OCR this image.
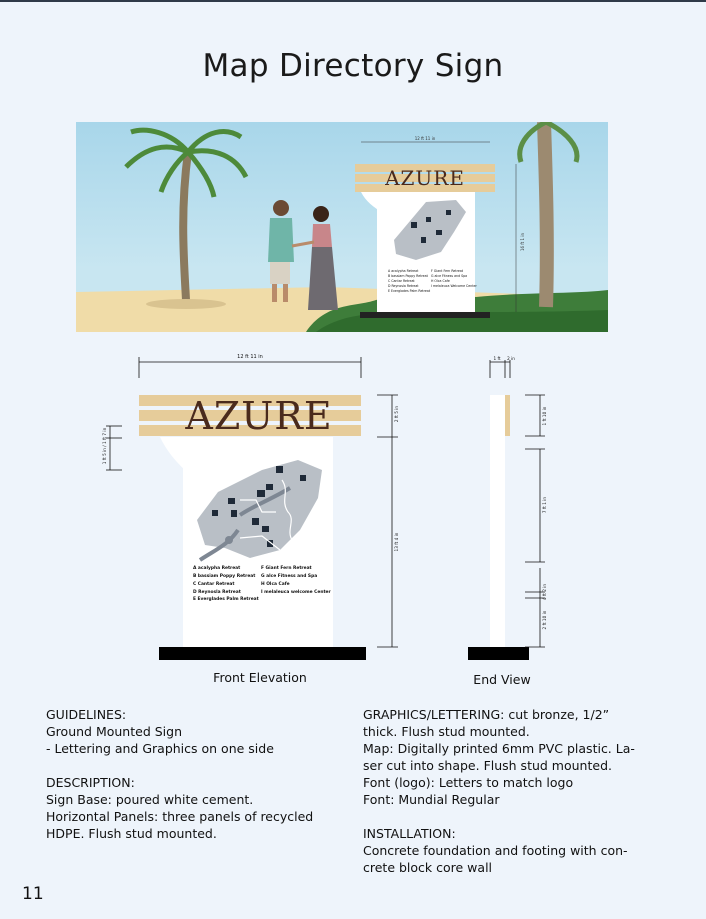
Map Directory Sign
AZURE
A acalypha Retreat
B bassiam Poppy Retreat
C Cantar Retreat
D Reynosla Retreat
E Everglades Palm Retreat
F Giant Fern Retreat
G alce Fitness and Spa
H Olca Cafe
I melaleuca Welcome Center
12 ft 11 in
16 ft 1 in
12 ft 11 in
AZURE
A acalypha Retreat
B bassiam Poppy Retreat
C Cantar Retreat
D Reynosla Retreat
E Everglades Palm Retreat
F Giant Fern Retreat
G alce Fitness and Spa
H Olca Cafe
I melaleuca welcome Center
1 ft 5 in / 1 ft 7 in
2 ft 5 in
13 ft 4 in
1 ft 2 in
1 ft 10 in
7 ft 1 in
4 ft 2 in
2 ft 10 in
Front Elevation	End View

GUIDELINES:

Ground Mounted Sign

- Lettering and Graphics on one side

DESCRIPTION:

Sign Base: poured white cement.

Horizontal Panels: three panels of recycled

HDPE. Flush stud mounted.

GRAPHICS/LETTERING: cut bronze, 1/2”

thick. Flush stud mounted.

Map: Digitally printed 6mm PVC plastic. La-

ser cut into shape. Flush stud mounted.

Font (logo): Letters to match logo

Font: Mundial Regular

INSTALLATION:

Concrete foundation and footing with con-

crete block core wall

11
